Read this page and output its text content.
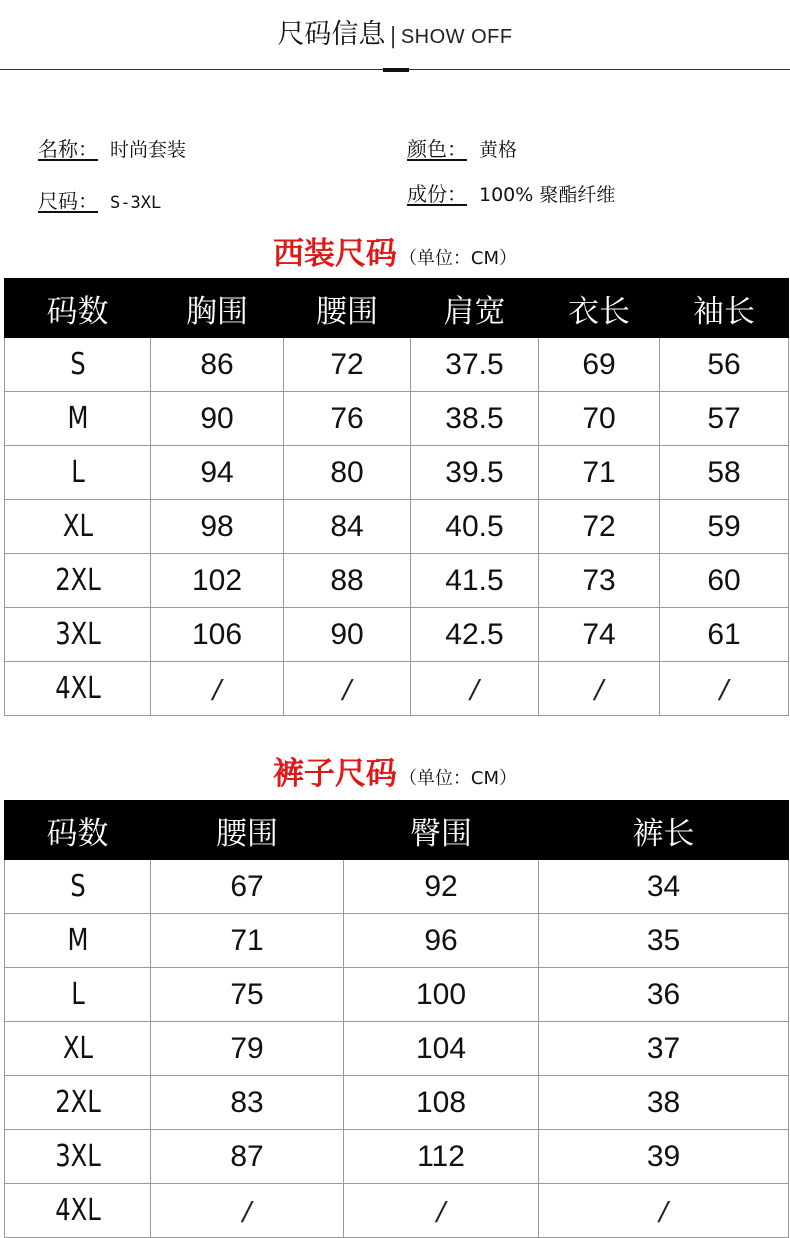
尺码信息 | SHOW OFF
名称： 时尚套装	颜色： 黄格
尺码： S-3XL	成份： 100% 聚酯纤维
西装尺码 （单位：CM）
码数	胸围	腰围	肩宽	衣长	袖长
S	86	72	37.5	69	56
M	90	76	38.5	70	57
L	94	80	39.5	71	58
XL	98	84	40.5	72	59
2XL	102	88	41.5	73	60
3XL	106	90	42.5	74	61
4XL	/	/	/	/	/
裤子尺码 （单位：CM）
码数	腰围	臀围	裤长
S	67	92	34
M	71	96	35
L	75	100	36
XL	79	104	37
2XL	83	108	38
3XL	87	112	39
4XL	/	/	/
